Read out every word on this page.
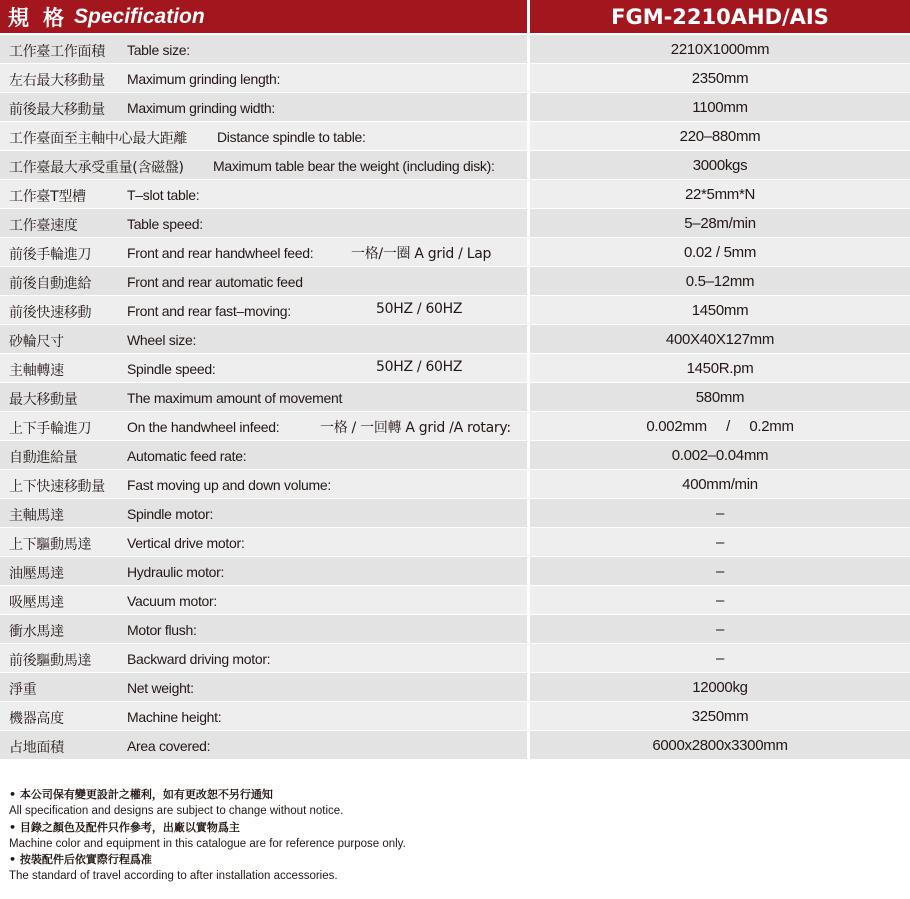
規格
Specification	FGM-2210AHD/AIS
工作臺工作面積 Table size:	2210X1000mm
左右最大移動量 Maximum grinding length:	2350mm
前後最大移動量 Maximum grinding width:	1100mm
工作臺面至主軸中心最大距離 Distance spindle to table:	220–880mm
工作臺最大承受重量(含磁盤) Maximum table bear the weight (including disk):	3000kgs
工作臺T型槽	T–slot table:	22*5mm*N
工作臺速度	Table speed:	5–28m/min
前後手輪進刀	Front and rear handwheel feed:	一格/一圈 A grid / Lap	0.02 / 5mm
前後自動進給	Front and rear automatic feed	0.5–12mm
前後快速移動	Front and rear fast–moving:	50HZ / 60HZ	1450mm
砂輪尺寸	Wheel size:	400X40X127mm
主軸轉速	Spindle speed:	50HZ / 60HZ	1450R.pm
最大移動量	The maximum amount of movement	580mm
上下手輪進刀	On the handwheel infeed:	一格 / 一回轉 A grid /A rotary:	0.002mm     /     0.2mm
自動進給量	Automatic feed rate:	0.002–0.04mm
上下快速移動量 Fast moving up and down volume:	400mm/min
主軸馬達	Spindle motor:	–
上下驅動馬達	Vertical drive motor:	–
油壓馬達	Hydraulic motor:	–
吸壓馬達	Vacuum motor:	–
衝水馬達	Motor flush:	–
前後驅動馬達	Backward driving motor:	–
淨重	Net weight:	12000kg
機器高度	Machine height:	3250mm
占地面積	Area covered:	6000x2800x3300mm
• 本公司保有變更設計之權利，如有更改恕不另行通知
All specification and designs are subject to change without notice.
• 目錄之顏色及配件只作參考，出廠以實物爲主
Machine color and equipment in this catalogue are for reference purpose only.
• 按裝配件后依實際行程爲准
The standard of travel according to after installation accessories.
